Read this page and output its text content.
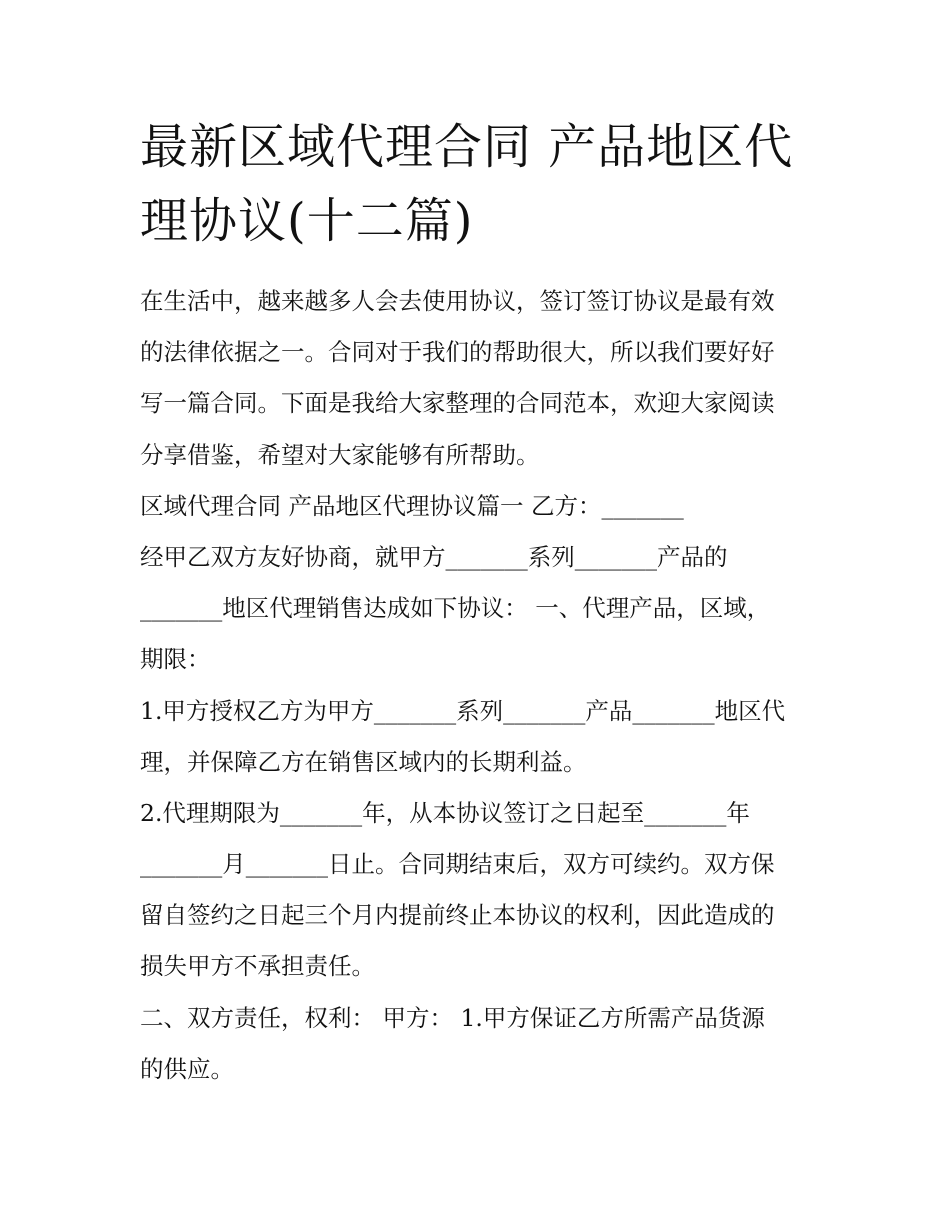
最新区域代理合同 产品地区代
理协议(十二篇)
在生活中，越来越多人会去使用协议，签订签订协议是最有效
的法律依据之一。合同对于我们的帮助很大，所以我们要好好
写一篇合同。下面是我给大家整理的合同范本，欢迎大家阅读
分享借鉴，希望对大家能够有所帮助。
区域代理合同 产品地区代理协议篇一 乙方：_______
经甲乙双方友好协商，就甲方_______系列_______产品的
_______地区代理销售达成如下协议： 一、代理产品，区域，
期限：
1.甲方授权乙方为甲方_______系列_______产品_______地区代
理，并保障乙方在销售区域内的长期利益。
2.代理期限为_______年，从本协议签订之日起至_______年
_______月_______日止。合同期结束后，双方可续约。双方保
留自签约之日起三个月内提前终止本协议的权利，因此造成的
损失甲方不承担责任。
二、双方责任，权利： 甲方： 1.甲方保证乙方所需产品货源
的供应。
